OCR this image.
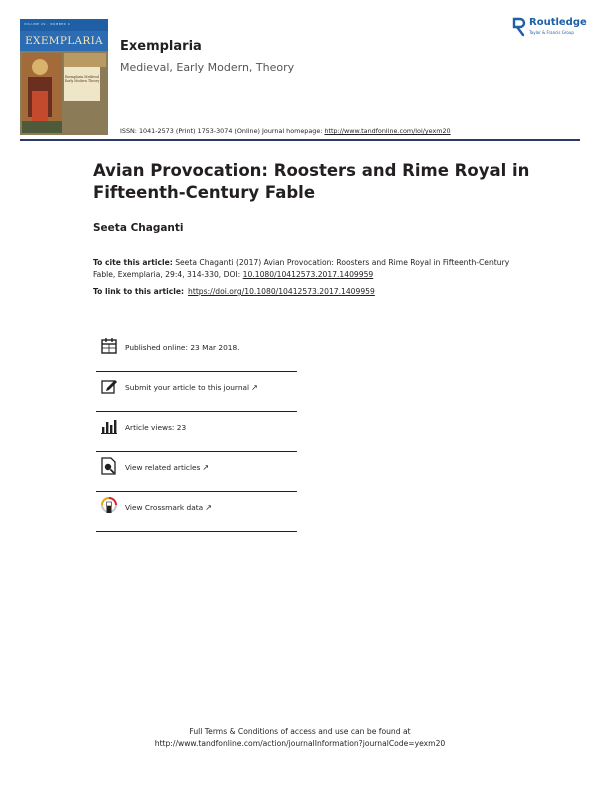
VOLUME 29 · NUMBER 4
EXEMPLARIA
Exemplaria Medieval Early Modern Theory
Exemplaria
Medieval, Early Modern, Theory
Routledge
Taylor & Francis Group
ISSN: 1041-2573 (Print) 1753-3074 (Online) Journal homepage: http://www.tandfonline.com/loi/yexm20
Avian Provocation: Roosters and Rime Royal in Fifteenth-Century Fable
Seeta Chaganti
To cite this article: Seeta Chaganti (2017) Avian Provocation: Roosters and Rime Royal in Fifteenth-Century Fable, Exemplaria, 29:4, 314-330, DOI: 10.1080/10412573.2017.1409959
To link to this article: https://doi.org/10.1080/10412573.2017.1409959
Published online: 23 Mar 2018.
Submit your article to this journal ↗
Article views: 23
View related articles ↗
View Crossmark data ↗
Full Terms & Conditions of access and use can be found at
http://www.tandfonline.com/action/journalInformation?journalCode=yexm20
